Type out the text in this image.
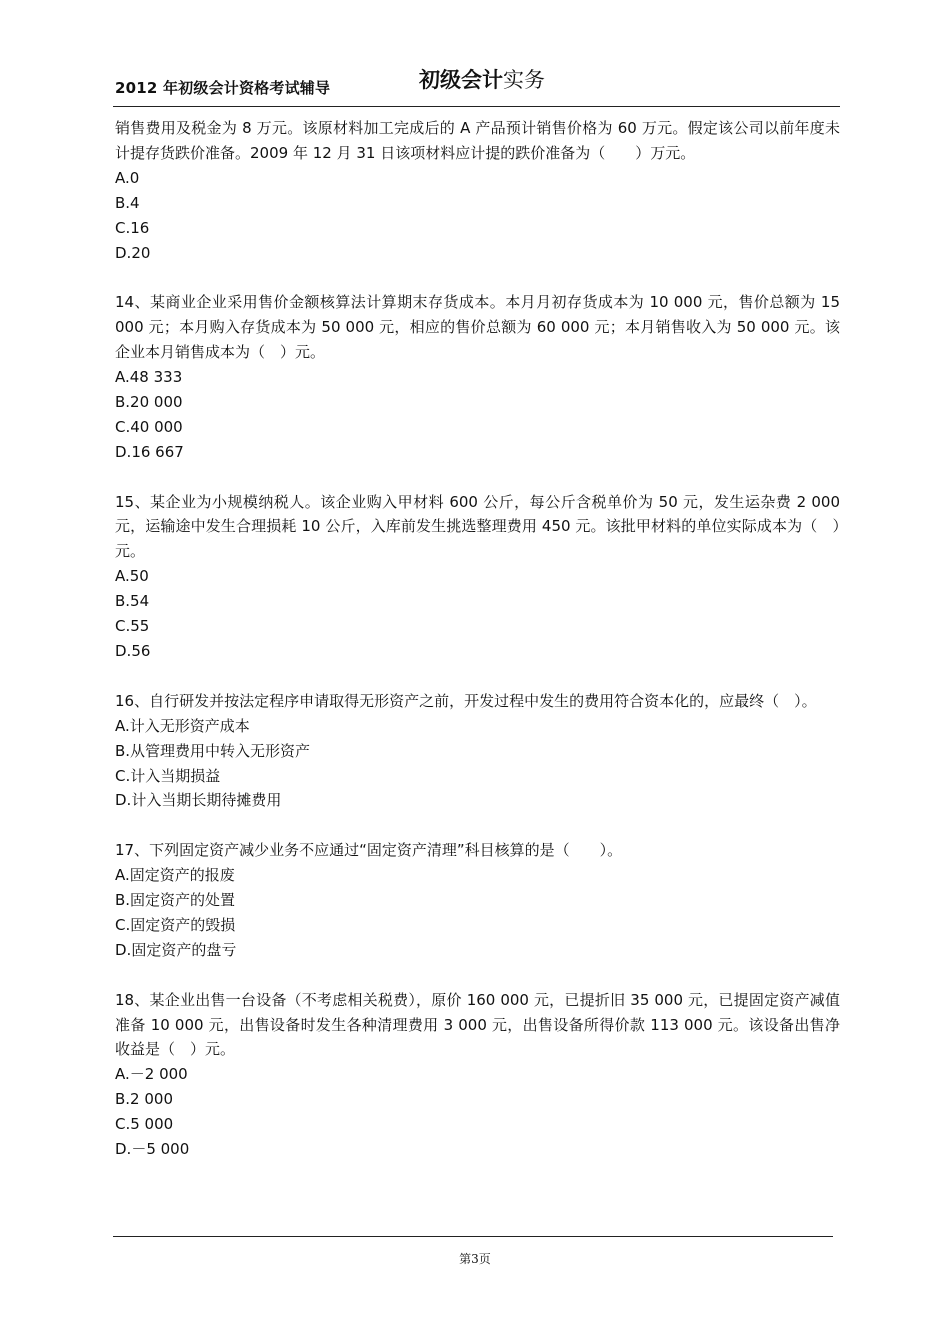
2012 年初级会计资格考试辅导	初级会计实务

销售费用及税金为 8 万元。该原材料加工完成后的 A 产品预计销售价格为 60 万元。假定该公司以前年度未计提存货跌价准备。2009 年 12 月 31 日该项材料应计提的跌价准备为（　　）万元。

A.0

B.4

C.16

D.20

14、某商业企业采用售价金额核算法计算期末存货成本。本月月初存货成本为 10 000 元，售价总额为 15 000 元；本月购入存货成本为 50 000 元，相应的售价总额为 60 000 元；本月销售收入为 50 000 元。该企业本月销售成本为（　）元。

A.48 333

B.20 000

C.40 000

D.16 667

15、某企业为小规模纳税人。该企业购入甲材料 600 公斤，每公斤含税单价为 50 元，发生运杂费 2 000 元，运输途中发生合理损耗 10 公斤，入库前发生挑选整理费用 450 元。该批甲材料的单位实际成本为（　）元。

A.50

B.54

C.55

D.56

16、自行研发并按法定程序申请取得无形资产之前，开发过程中发生的费用符合资本化的，应最终（　）。

A.计入无形资产成本

B.从管理费用中转入无形资产

C.计入当期损益

D.计入当期长期待摊费用

17、下列固定资产减少业务不应通过“固定资产清理”科目核算的是（　　）。

A.固定资产的报废

B.固定资产的处置

C.固定资产的毁损

D.固定资产的盘亏

18、某企业出售一台设备（不考虑相关税费），原价 160 000 元，已提折旧 35 000 元，已提固定资产减值准备 10 000 元，出售设备时发生各种清理费用 3 000 元，出售设备所得价款 113 000 元。该设备出售净收益是（　）元。

A.－2 000

B.2 000

C.5 000

D.－5 000

第3页
